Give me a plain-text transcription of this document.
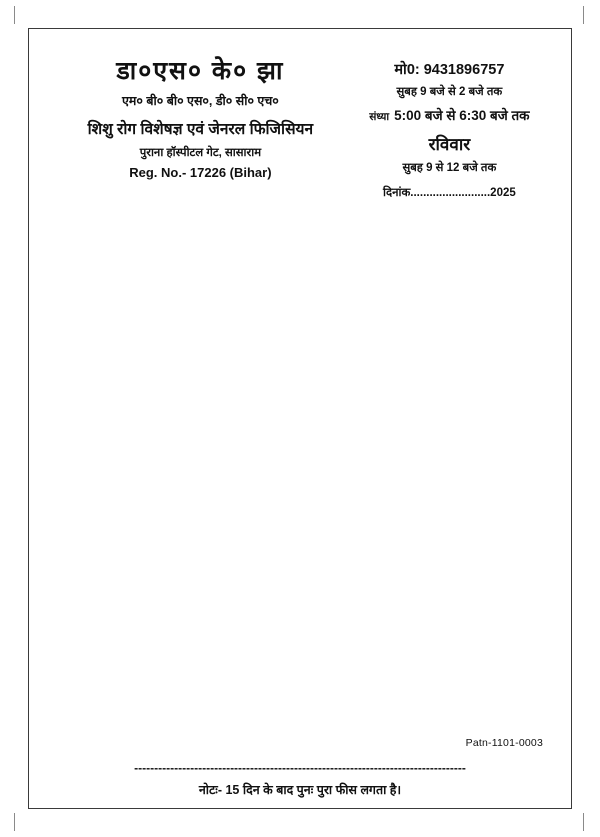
डा०एस० के० झा
एम० बी० बी० एस०, डी० सी० एच०
शिशु रोग विशेषज्ञ एवं जेनरल फिजिसियन
पुराना हॉस्पीटल गेट, सासाराम
Reg. No.- 17226 (Bihar)
मो0: 9431896757
सुबह 9 बजे से 2 बजे तक
संध्या 5:00 बजे से 6:30 बजे तक
रविवार
सुबह 9 से 12 बजे तक
दिनांक.........................2025
Patn-1101-0003
-----------------------------------------------------------------------------------
नोटः- 15 दिन के बाद पुनः पुरा फीस लगता है।
